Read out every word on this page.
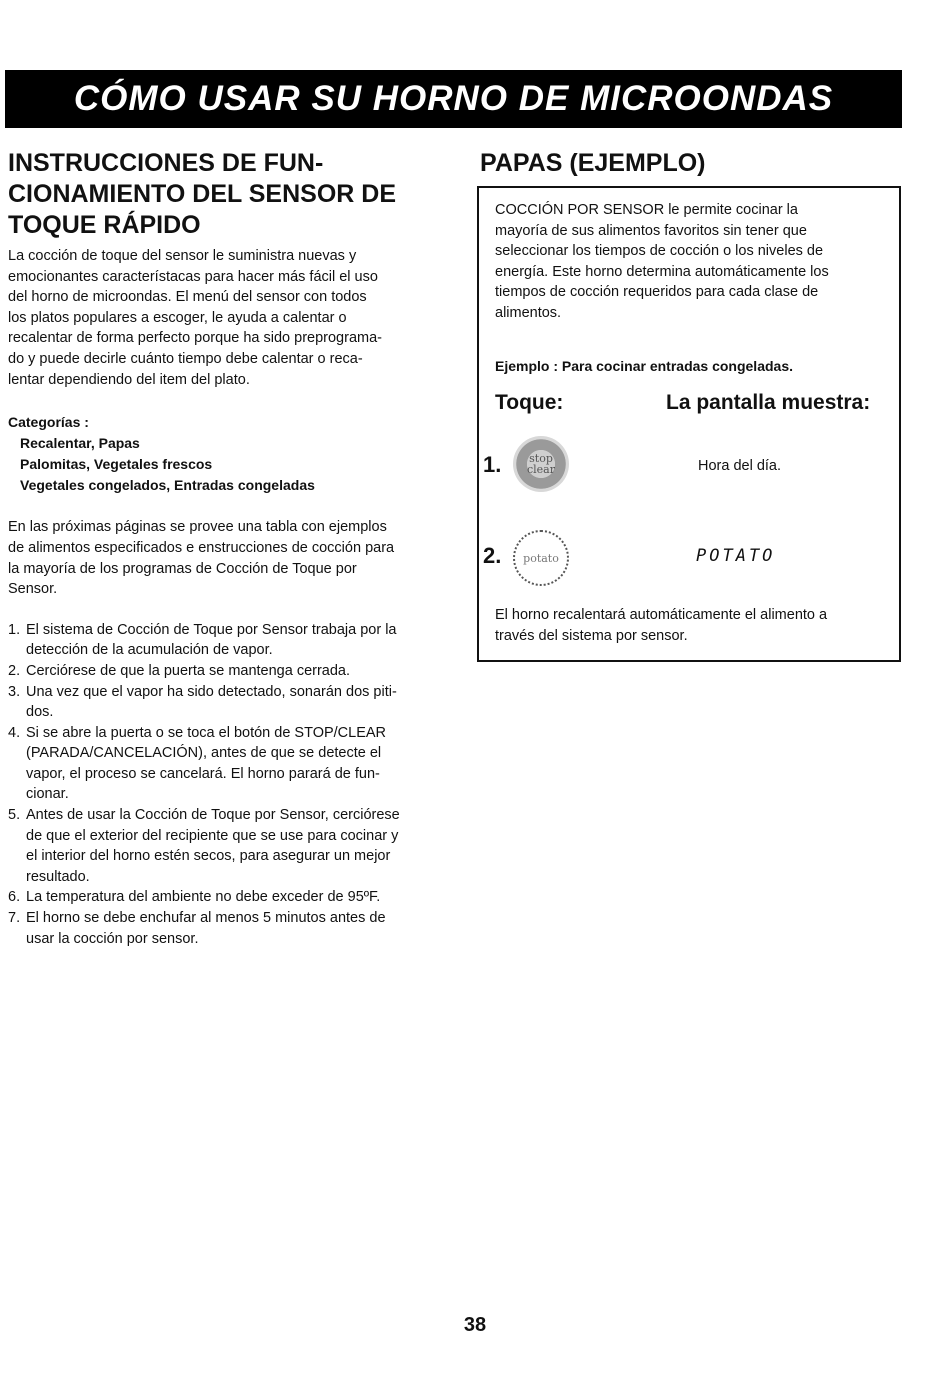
CÓMO USAR SU HORNO DE MICROONDAS
INSTRUCCIONES DE FUN-
CIONAMIENTO DEL SENSOR DE
TOQUE RÁPIDO
La cocción de toque del sensor le suministra nuevas y
emocionantes característacas para hacer más fácil el uso
del horno de microondas. El menú del sensor con todos
los platos populares a escoger, le ayuda a calentar o
recalentar de forma perfecto porque ha sido preprograma-
do y puede decirle cuánto tiempo debe calentar o reca-
lentar dependiendo del item del plato.
Categorías :
Recalentar, Papas
Palomitas, Vegetales frescos
Vegetales congelados, Entradas congeladas
En las próximas páginas se provee una tabla con ejemplos
de alimentos especificados e enstrucciones de cocción para
la mayoría de los programas de Cocción de Toque por
Sensor.
1. El sistema de Cocción de Toque por Sensor trabaja por la
detección de la acumulación de vapor.
2. Cerciórese de que la puerta se mantenga cerrada.
3. Una vez que el vapor ha sido detectado, sonarán dos piti-
dos.
4. Si se abre la puerta o se toca el botón de STOP/CLEAR
(PARADA/CANCELACIÓN), antes de que se detecte el
vapor, el proceso se cancelará. El horno parará de fun-
cionar.
5. Antes de usar la Cocción de Toque por Sensor, cerciórese
de que el exterior del recipiente que se use para cocinar y
el interior del horno estén secos, para asegurar un mejor
resultado.
6. La temperatura del ambiente no debe exceder de 95ºF.
7. El horno se debe enchufar al menos 5 minutos antes de
usar la cocción por sensor.
PAPAS (EJEMPLO)
COCCIÓN POR SENSOR le permite cocinar la
mayoría de sus alimentos favoritos sin tener que
seleccionar los tiempos de cocción o los niveles de
energía. Este horno determina automáticamente los
tiempos de cocción requeridos para cada clase de
alimentos.
Ejemplo : Para cocinar entradas congeladas.
Toque:	La pantalla muestra:
1.	stop
clear	Hora del día.
2. potato	POTATO
El horno recalentará automáticamente el alimento a
través del sistema por sensor.
38
